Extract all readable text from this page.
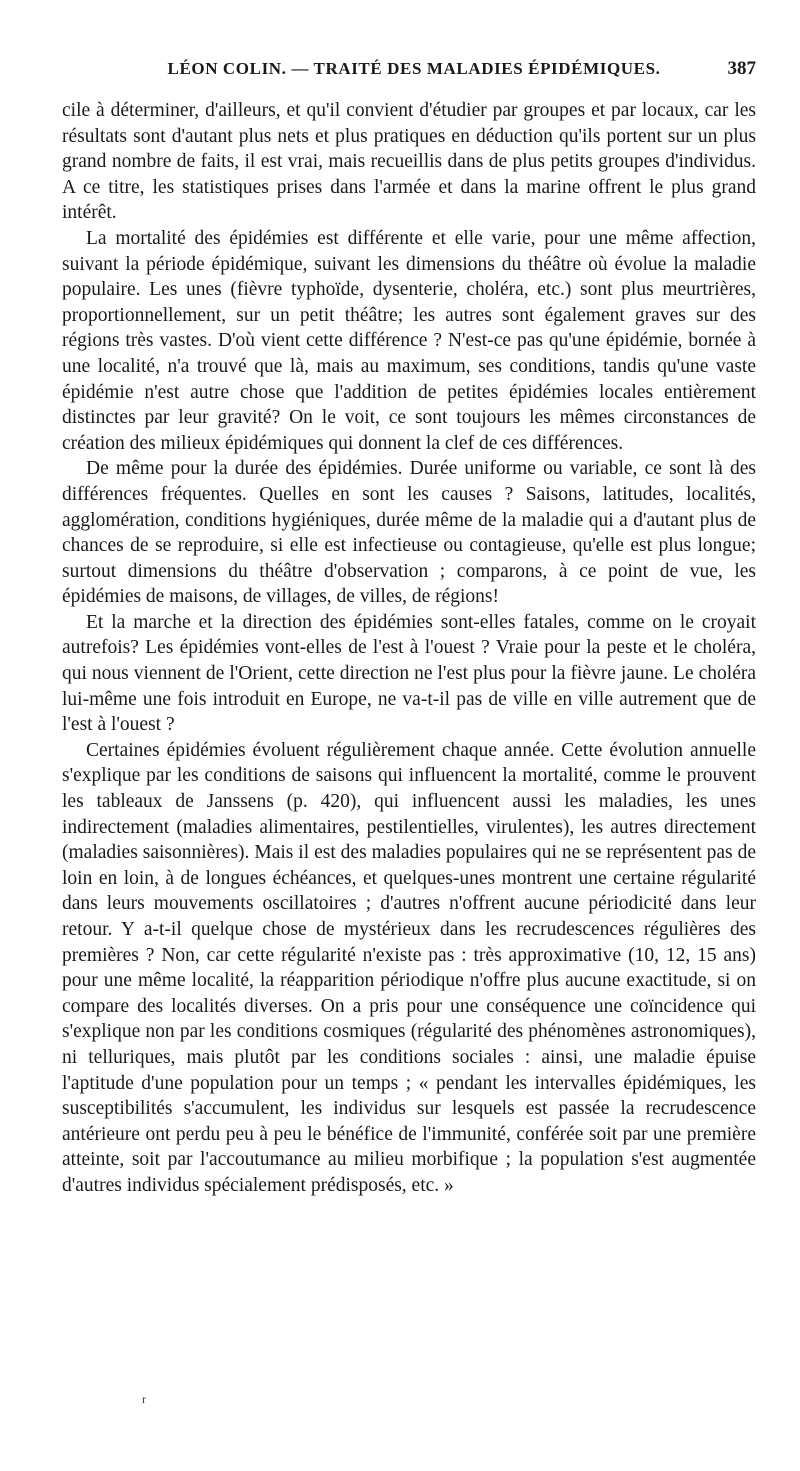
LÉON COLIN. — TRAITÉ DES MALADIES ÉPIDÉMIQUES.	387

cile à déterminer, d'ailleurs, et qu'il convient d'étudier par groupes et par locaux, car les résultats sont d'autant plus nets et plus pratiques en déduction qu'ils portent sur un plus grand nombre de faits, il est vrai, mais recueillis dans de plus petits groupes d'individus. A ce titre, les statistiques prises dans l'armée et dans la marine offrent le plus grand intérêt.

La mortalité des épidémies est différente et elle varie, pour une même affection, suivant la période épidémique, suivant les dimensions du théâtre où évolue la maladie populaire. Les unes (fièvre typhoïde, dysenterie, choléra, etc.) sont plus meurtrières, proportionnellement, sur un petit théâtre; les autres sont également graves sur des régions très vastes. D'où vient cette différence ? N'est-ce pas qu'une épidémie, bornée à une localité, n'a trouvé que là, mais au maximum, ses conditions, tandis qu'une vaste épidémie n'est autre chose que l'addition de petites épidémies locales entièrement distinctes par leur gravité? On le voit, ce sont toujours les mêmes circonstances de création des milieux épidémiques qui donnent la clef de ces différences.

De même pour la durée des épidémies. Durée uniforme ou variable, ce sont là des différences fréquentes. Quelles en sont les causes ? Saisons, latitudes, localités, agglomération, conditions hygiéniques, durée même de la maladie qui a d'autant plus de chances de se reproduire, si elle est infectieuse ou contagieuse, qu'elle est plus longue; surtout dimensions du théâtre d'observation ; comparons, à ce point de vue, les épidémies de maisons, de villages, de villes, de régions!

Et la marche et la direction des épidémies sont-elles fatales, comme on le croyait autrefois? Les épidémies vont-elles de l'est à l'ouest ? Vraie pour la peste et le choléra, qui nous viennent de l'Orient, cette direction ne l'est plus pour la fièvre jaune. Le choléra lui-même une fois introduit en Europe, ne va-t-il pas de ville en ville autrement que de l'est à l'ouest ?

Certaines épidémies évoluent régulièrement chaque année. Cette évolution annuelle s'explique par les conditions de saisons qui influencent la mortalité, comme le prouvent les tableaux de Janssens (p. 420), qui influencent aussi les maladies, les unes indirectement (maladies alimentaires, pestilentielles, virulentes), les autres directement (maladies saisonnières). Mais il est des maladies populaires qui ne se représentent pas de loin en loin, à de longues échéances, et quelques-unes montrent une certaine régularité dans leurs mouvements oscillatoires ; d'autres n'offrent aucune périodicité dans leur retour. Y a-t-il quelque chose de mystérieux dans les recrudescences régulières des premières ? Non, car cette régularité n'existe pas : très approximative (10, 12, 15 ans) pour une même localité, la réapparition périodique n'offre plus aucune exactitude, si on compare des localités diverses. On a pris pour une conséquence une coïncidence qui s'explique non par les conditions cosmiques (régularité des phénomènes astronomiques), ni telluriques, mais plutôt par les conditions sociales : ainsi, une maladie épuise l'aptitude d'une population pour un temps ; « pendant les intervalles épidémiques, les susceptibilités s'accumulent, les individus sur lesquels est passée la recrudescence antérieure ont perdu peu à peu le bénéfice de l'immunité, conférée soit par une première atteinte, soit par l'accoutumance au milieu morbifique ; la population s'est augmentée d'autres individus spécialement prédisposés, etc. »

r
